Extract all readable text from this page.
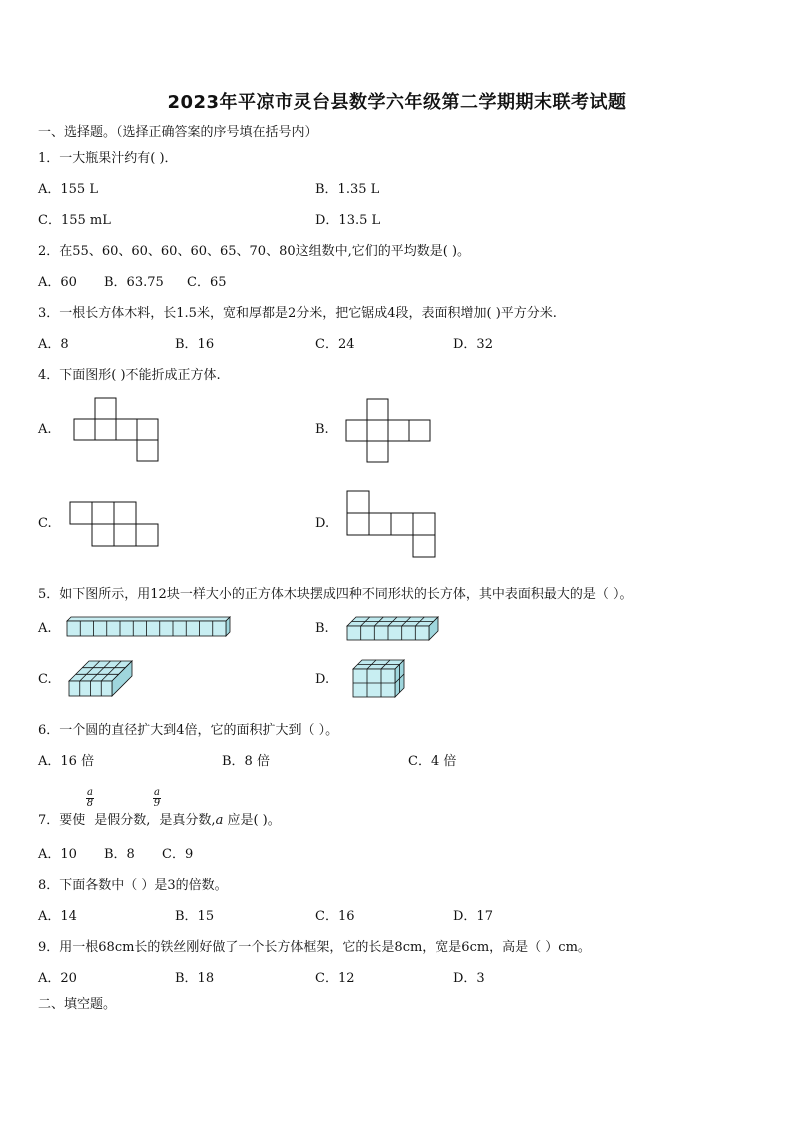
2023年平凉市灵台县数学六年级第二学期期末联考试题
一、选择题。（选择正确答案的序号填在括号内）
1．一大瓶果汁约有( )．
A．155 L	B．1.35 L
C．155 mL	D．13.5 L
2．在55、60、60、60、60、65、70、80这组数中,它们的平均数是( )。
A．60 B．63.75 C．65
3．一根长方体木料，长1.5米，宽和厚都是2分米，把它锯成4段，表面积增加( )平方分米.
A．8	B．16	C．24	D．32
4．下面图形( )不能折成正方体.
A.	B.
C.	D.
5．如下图所示，用12块一样大小的正方体木块摆成四种不同形状的长方体，其中表面积最大的是（ ）。
A.	B.
C.	D.
6．一个圆的直径扩大到4倍，它的面积扩大到（ ）。
A．16 倍	B．8 倍	C．4 倍
7．要使 是假分数, 是真分数,a 应是( )。
$\frac{a}{8}$	$\frac{a}{9}$
A．10 B．8 C．9
8．下面各数中（ ）是3的倍数。
A．14	B．15	C．16	D．17
9．用一根68cm长的铁丝刚好做了一个长方体框架，它的长是8cm，宽是6cm，高是（ ）cm。
A．20	B．18	C．12	D．3
二、填空题。
